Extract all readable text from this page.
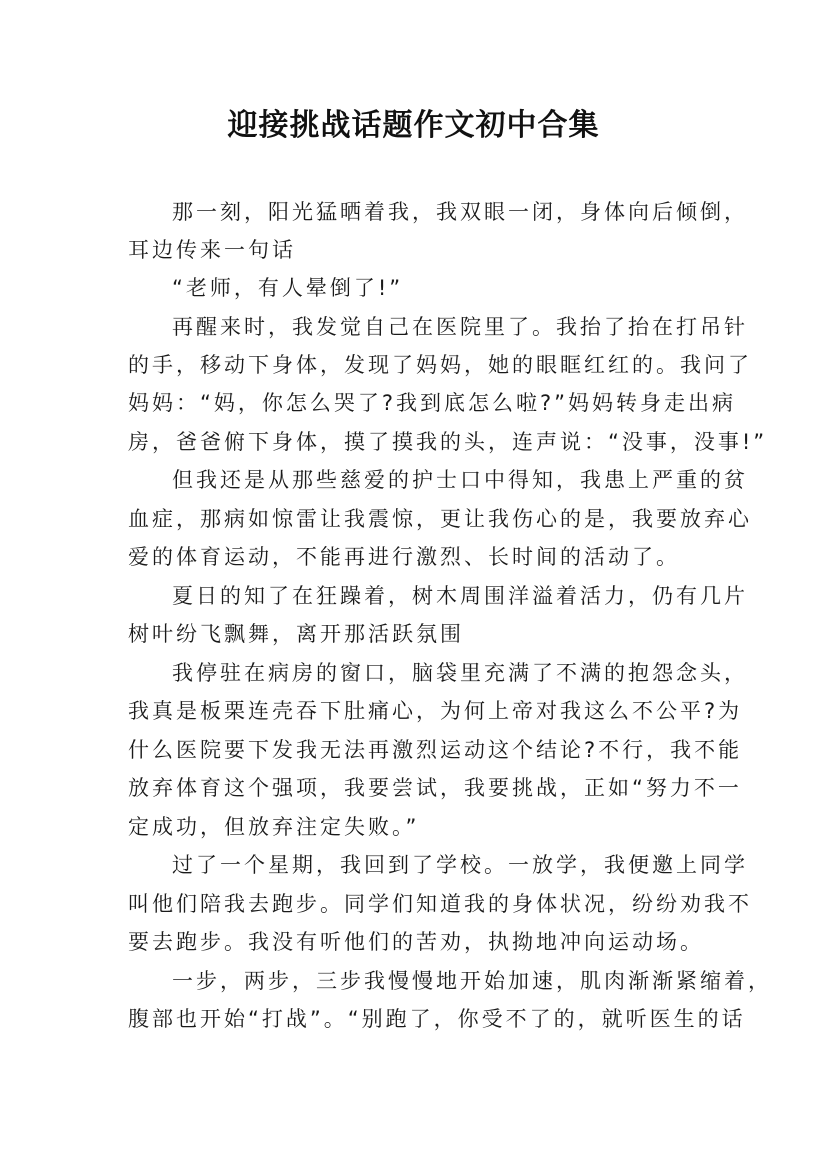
迎接挑战话题作文初中合集
那一刻，阳光猛晒着我，我双眼一闭，身体向后倾倒，
耳边传来一句话
“老师，有人晕倒了!”
再醒来时，我发觉自己在医院里了。我抬了抬在打吊针
的手，移动下身体，发现了妈妈，她的眼眶红红的。我问了
妈妈：“妈，你怎么哭了?我到底怎么啦?”妈妈转身走出病
房，爸爸俯下身体，摸了摸我的头，连声说：“没事，没事!”
但我还是从那些慈爱的护士口中得知，我患上严重的贫
血症，那病如惊雷让我震惊，更让我伤心的是，我要放弃心
爱的体育运动，不能再进行激烈、长时间的活动了。
夏日的知了在狂躁着，树木周围洋溢着活力，仍有几片
树叶纷飞飘舞，离开那活跃氛围
我停驻在病房的窗口，脑袋里充满了不满的抱怨念头，
我真是板栗连壳吞下肚痛心，为何上帝对我这么不公平?为
什么医院要下发我无法再激烈运动这个结论?不行，我不能
放弃体育这个强项，我要尝试，我要挑战，正如“努力不一
定成功，但放弃注定失败。”
过了一个星期，我回到了学校。一放学，我便邀上同学
叫他们陪我去跑步。同学们知道我的身体状况，纷纷劝我不
要去跑步。我没有听他们的苦劝，执拗地冲向运动场。
一步，两步，三步我慢慢地开始加速，肌肉渐渐紧缩着，
腹部也开始“打战”。“别跑了，你受不了的，就听医生的话
